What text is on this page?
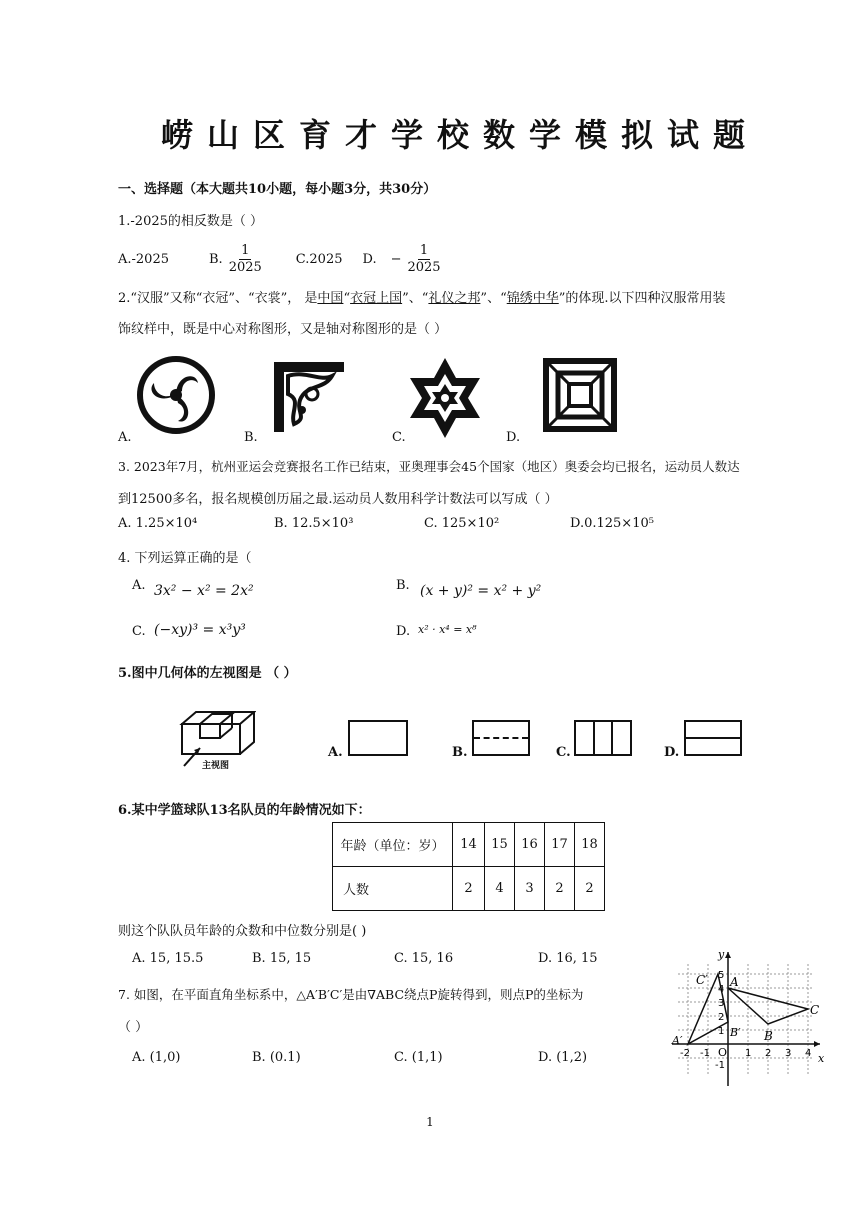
崂山区育才学校数学模拟试题
一、选择题（本大题共10小题，每小题3分，共30分）
1.-2025的相反数是（ ）
A.-2025	B. $\frac{1}{2025}$	C.2025 D. − $\frac{1}{2025}$
2.“汉服”又称“衣冠”、“衣裳”， 是中国“衣冠上国”、“礼仪之邦”、“锦绣中华”的体现.以下四种汉服常用装
饰纹样中，既是中心对称图形，又是轴对称图形的是（ ）
A.	B.	C.	D.
3. 2023年7月，杭州亚运会竞赛报名工作已结束，亚奥理事会45个国家（地区）奥委会均已报名，运动员人数达
到12500多名，报名规模创历届之最.运动员人数用科学计数法可以写成（ ）
A. 1.25×10⁴	B. 12.5×10³	C. 125×10²	D.0.125×10⁵
4. 下列运算正确的是（
A. 3x² − x² = 2x²	B. (x + y)² = x² + y²
C. (−xy)³ = x³y³	D. x² · x⁴ = x⁸
5.图中几何体的左视图是 （ ）
主视图
A.	B.	C.	D.
6.某中学篮球队13名队员的年龄情况如下：
年龄（单位：岁）	14	15	16	17	18
人数	2	4	3	2	2
则这个队队员年龄的众数和中位数分别是( )
A. 15, 15.5	B. 15, 15	C. 15, 16	D. 16, 15
7. 如图，在平面直角坐标系中，△A′B′C′是由∇ABC绕点P旋转得到，则点P的坐标为
（ ）
A. (1,0)	B. (0.1)	C. (1,1)	D. (1,2)
y
x
O
-2 -1	1 2 3 4
1
2
3
4
5
-1
A
B
C
A′
B′
C′
1
